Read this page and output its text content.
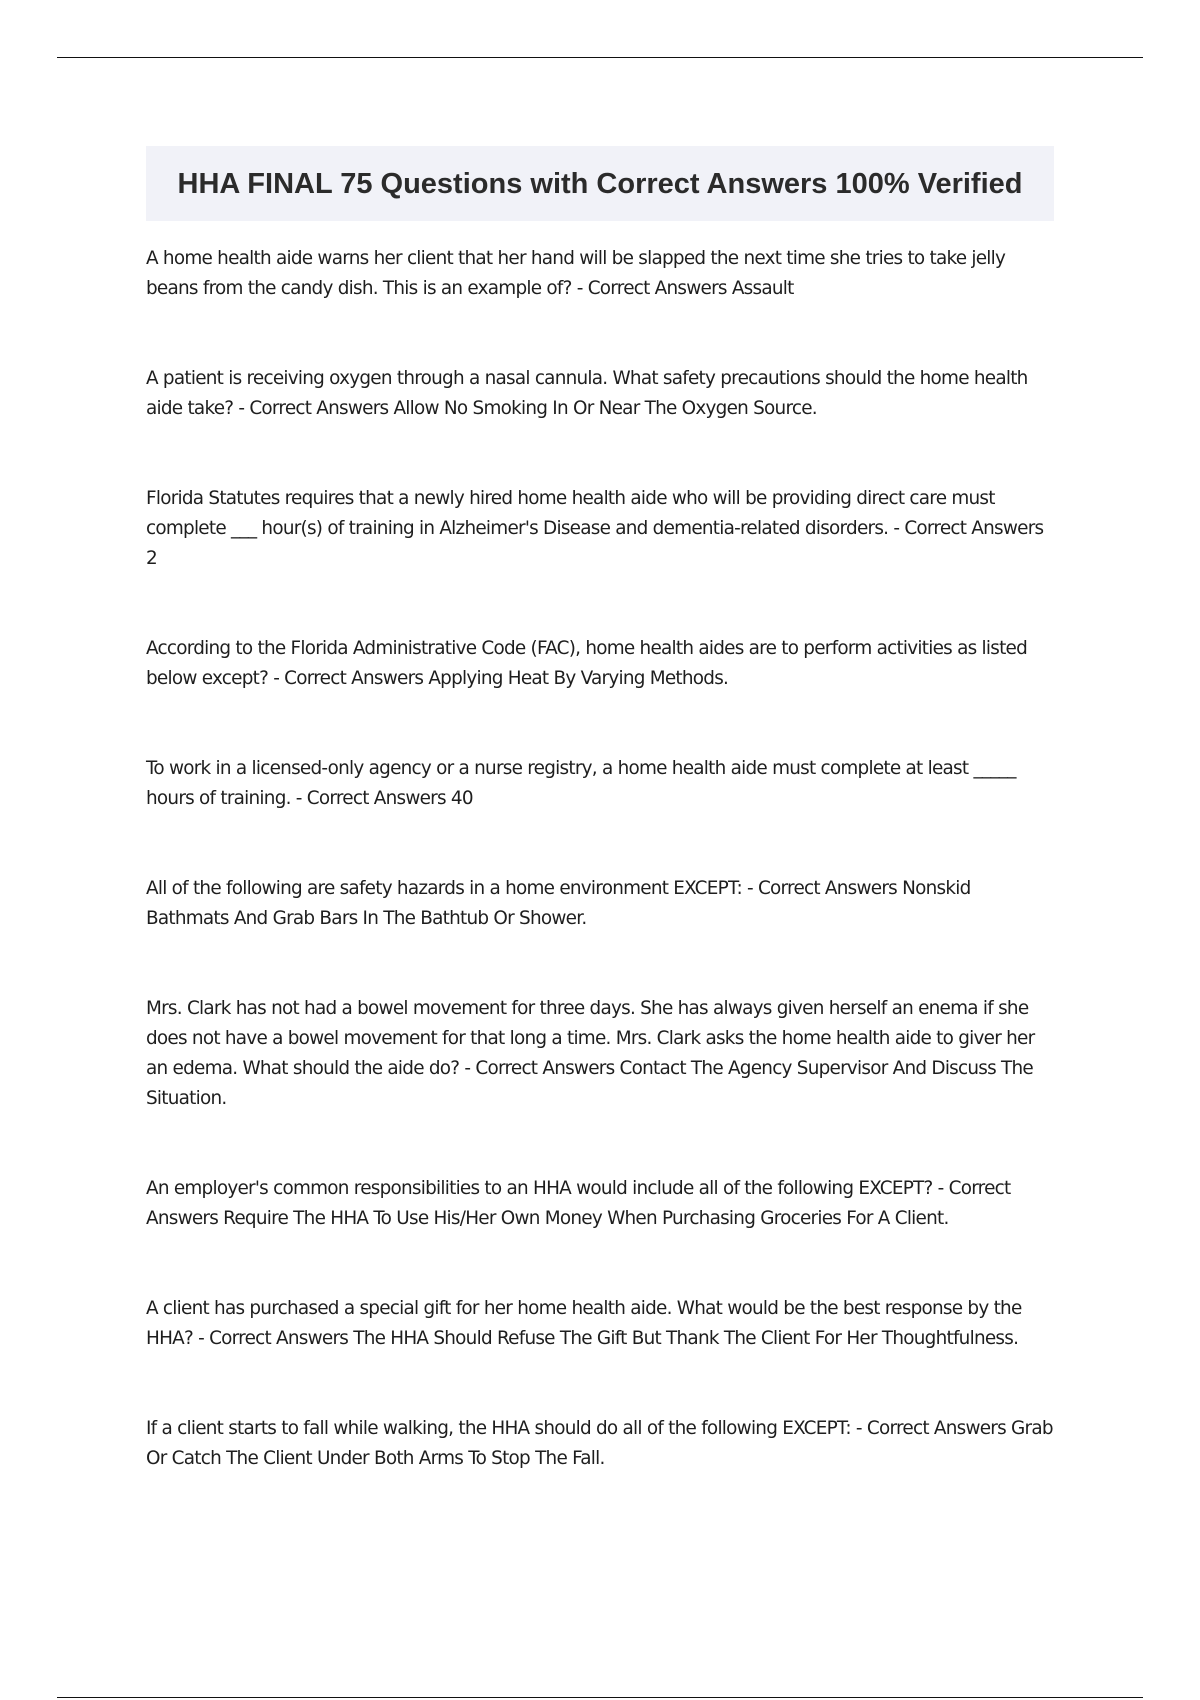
HHA FINAL 75 Questions with Correct Answers 100% Verified

A home health aide warns her client that her hand will be slapped the next time she tries to take jelly beans from the candy dish. This is an example of? - Correct Answers Assault

A patient is receiving oxygen through a nasal cannula. What safety precautions should the home health aide take? - Correct Answers Allow No Smoking In Or Near The Oxygen Source.

Florida Statutes requires that a newly hired home health aide who will be providing direct care must complete ___ hour(s) of training in Alzheimer's Disease and dementia-related disorders. - Correct Answers 2

According to the Florida Administrative Code (FAC), home health aides are to perform activities as listed below except? - Correct Answers Applying Heat By Varying Methods.

To work in a licensed-only agency or a nurse registry, a home health aide must complete at least _____ hours of training. - Correct Answers 40

All of the following are safety hazards in a home environment EXCEPT: - Correct Answers Nonskid Bathmats And Grab Bars In The Bathtub Or Shower.

Mrs. Clark has not had a bowel movement for three days. She has always given herself an enema if she does not have a bowel movement for that long a time. Mrs. Clark asks the home health aide to giver her an edema. What should the aide do? - Correct Answers Contact The Agency Supervisor And Discuss The Situation.

An employer's common responsibilities to an HHA would include all of the following EXCEPT? - Correct Answers Require The HHA To Use His/Her Own Money When Purchasing Groceries For A Client.

A client has purchased a special gift for her home health aide. What would be the best response by the HHA? - Correct Answers The HHA Should Refuse The Gift But Thank The Client For Her Thoughtfulness.

If a client starts to fall while walking, the HHA should do all of the following EXCEPT: - Correct Answers Grab Or Catch The Client Under Both Arms To Stop The Fall.
